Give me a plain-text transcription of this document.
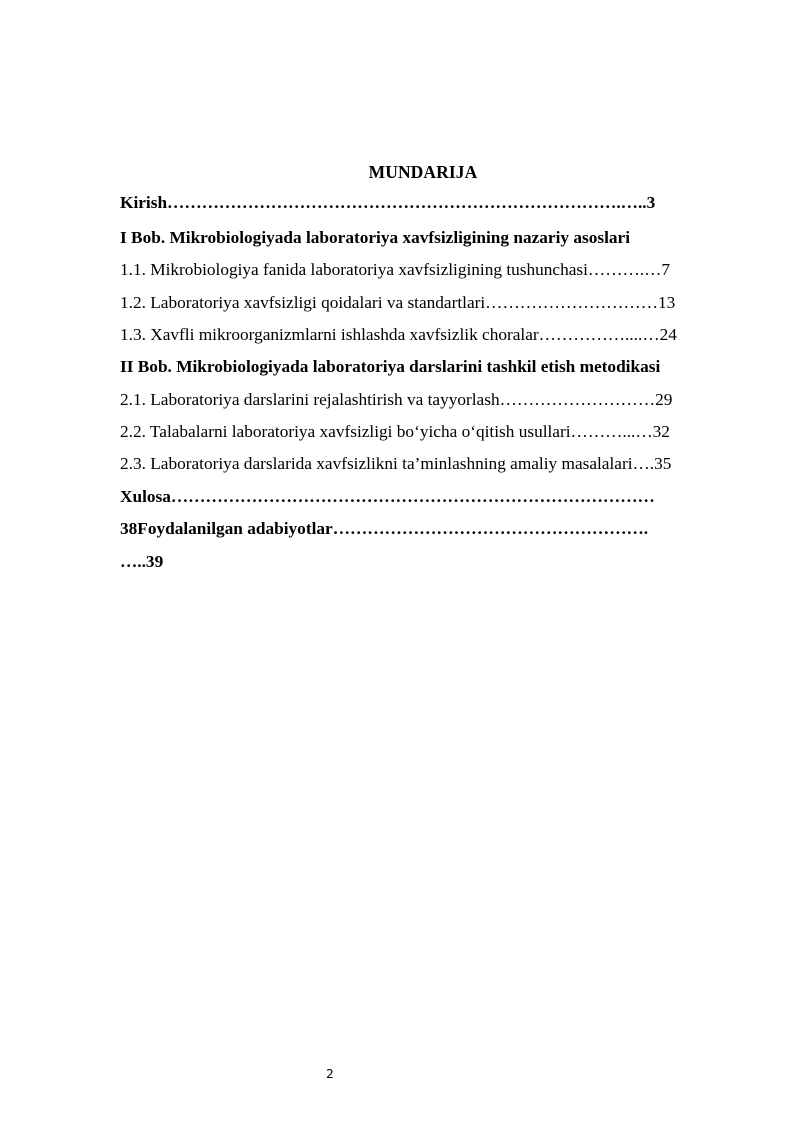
MUNDARIJA
Kirish…………………………………………………………………….…..3
I Bob. Mikrobiologiyada laboratoriya xavfsizligining nazariy asoslari
1.1. Mikrobiologiya fanida laboratoriya xavfsizligining tushunchasi……….…7
1.2. Laboratoriya xavfsizligi qoidalari va standartlari…………………………13
1.3. Xavfli mikroorganizmlarni ishlashda xavfsizlik choralar……………....…24
II Bob. Mikrobiologiyada laboratoriya darslarini tashkil etish metodikasi
2.1. Laboratoriya darslarini rejalashtirish va tayyorlash………………………29
2.2. Talabalarni laboratoriya xavfsizligi bo‘yicha o‘qitish usullari………...…32
2.3. Laboratoriya darslarida xavfsizlikni ta’minlashning amaliy masalalari….35
Xulosa…………………………………………………………………………
38Foydalanilgan adabiyotlar……………………………………………….
…..39
2
